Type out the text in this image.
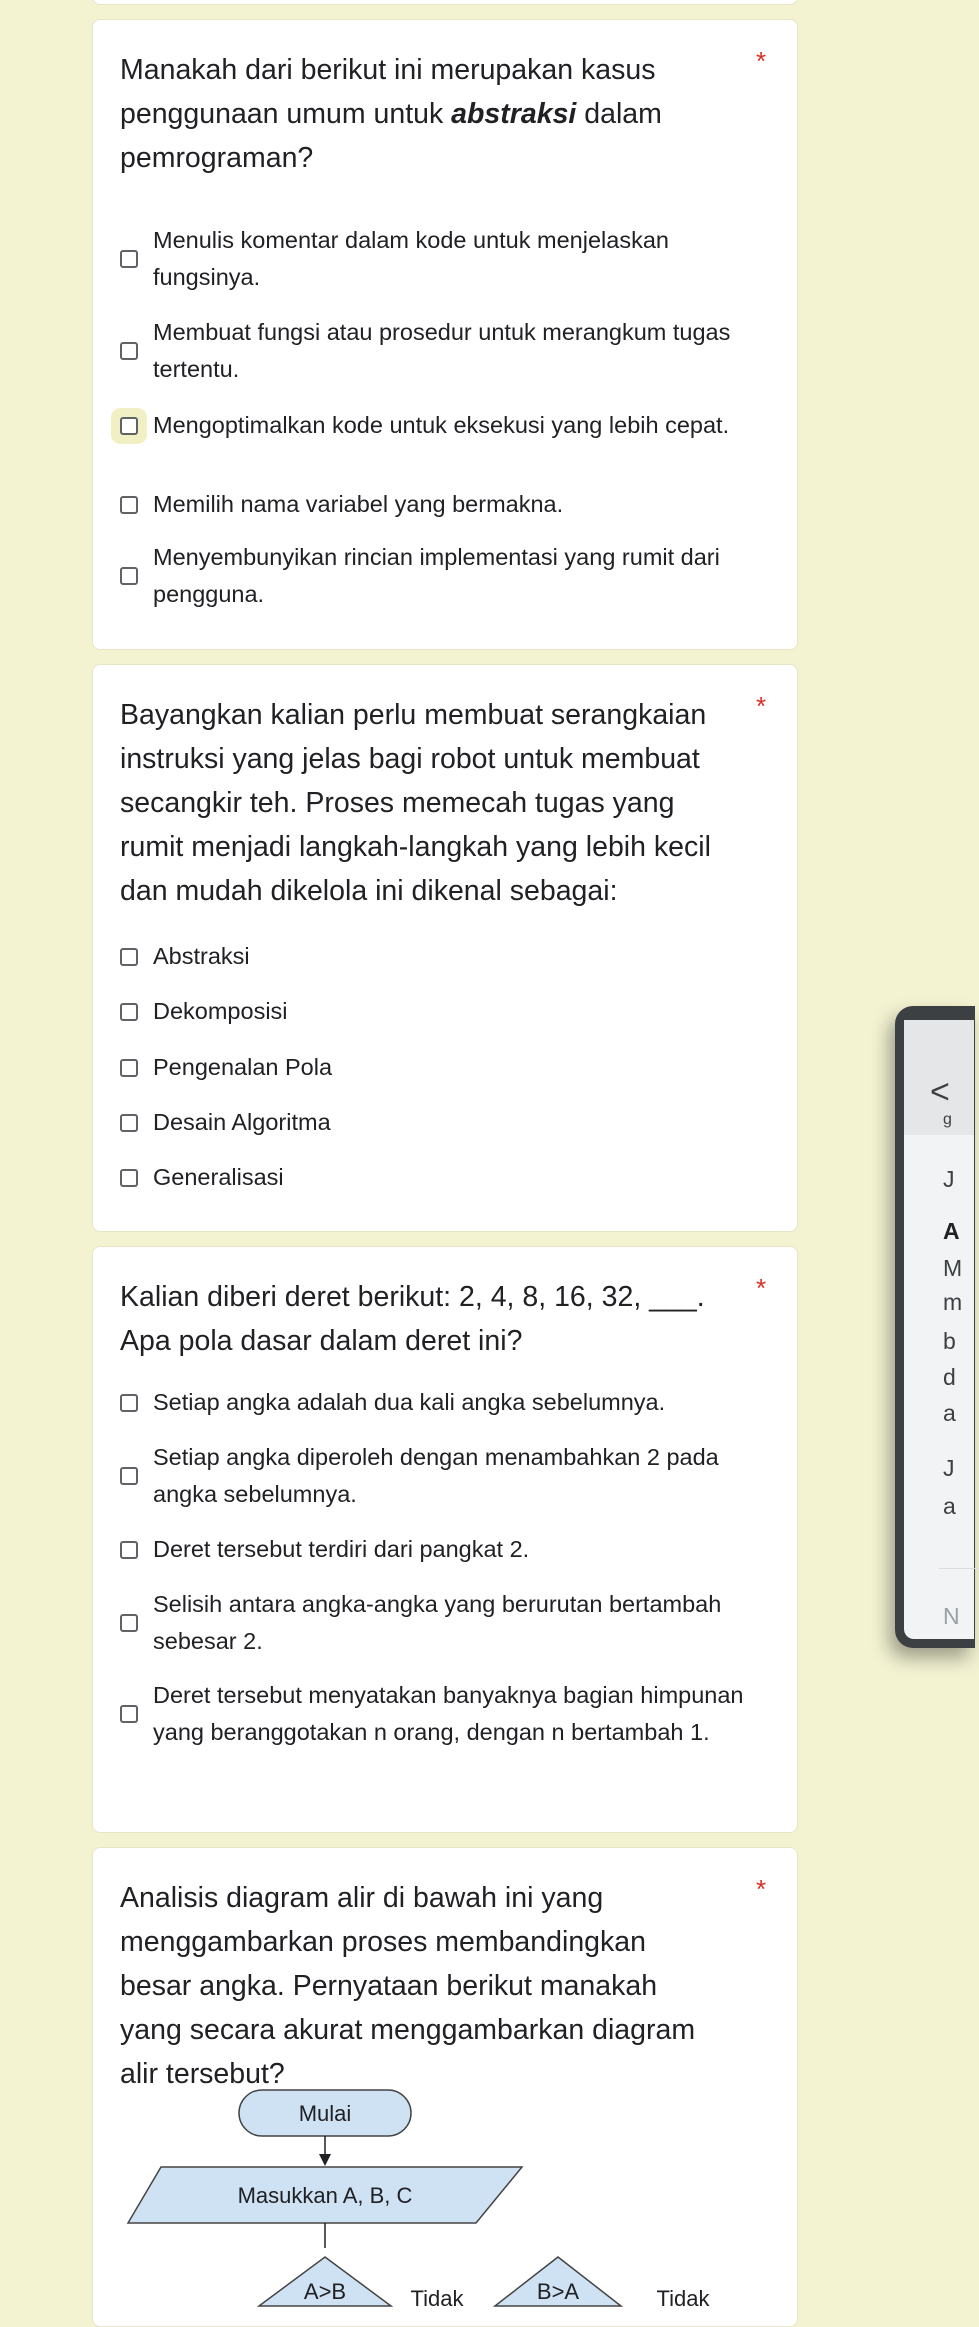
Manakah dari berikut ini merupakan kasus penggunaan umum untuk abstraksi dalam pemrograman?
*
Menulis komentar dalam kode untuk menjelaskan fungsinya.
Membuat fungsi atau prosedur untuk merangkum tugas tertentu.
Mengoptimalkan kode untuk eksekusi yang lebih cepat.
Memilih nama variabel yang bermakna.
Menyembunyikan rincian implementasi yang rumit dari pengguna.
Bayangkan kalian perlu membuat serangkaian instruksi yang jelas bagi robot untuk membuat secangkir teh. Proses memecah tugas yang rumit menjadi langkah-langkah yang lebih kecil dan mudah dikelola ini dikenal sebagai:
*
Abstraksi
Dekomposisi
Pengenalan Pola
Desain Algoritma
Generalisasi
Kalian diberi deret berikut: 2, 4, 8, 16, 32, ___. Apa pola dasar dalam deret ini?
*
Setiap angka adalah dua kali angka sebelumnya.
Setiap angka diperoleh dengan menambahkan 2 pada angka sebelumnya.
Deret tersebut terdiri dari pangkat 2.
Selisih antara angka-angka yang berurutan bertambah sebesar 2.
Deret tersebut menyatakan banyaknya bagian himpunan yang beranggotakan n orang, dengan n bertambah 1.
Analisis diagram alir di bawah ini yang menggambarkan proses membandingkan besar angka. Pernyataan berikut manakah yang secara akurat menggambarkan diagram alir tersebut?
*
Mulai
Masukkan A, B, C
A>B	Tidak	B>A	Tidak
<
g
J
A
M
m
b
d
a
J
a
N
